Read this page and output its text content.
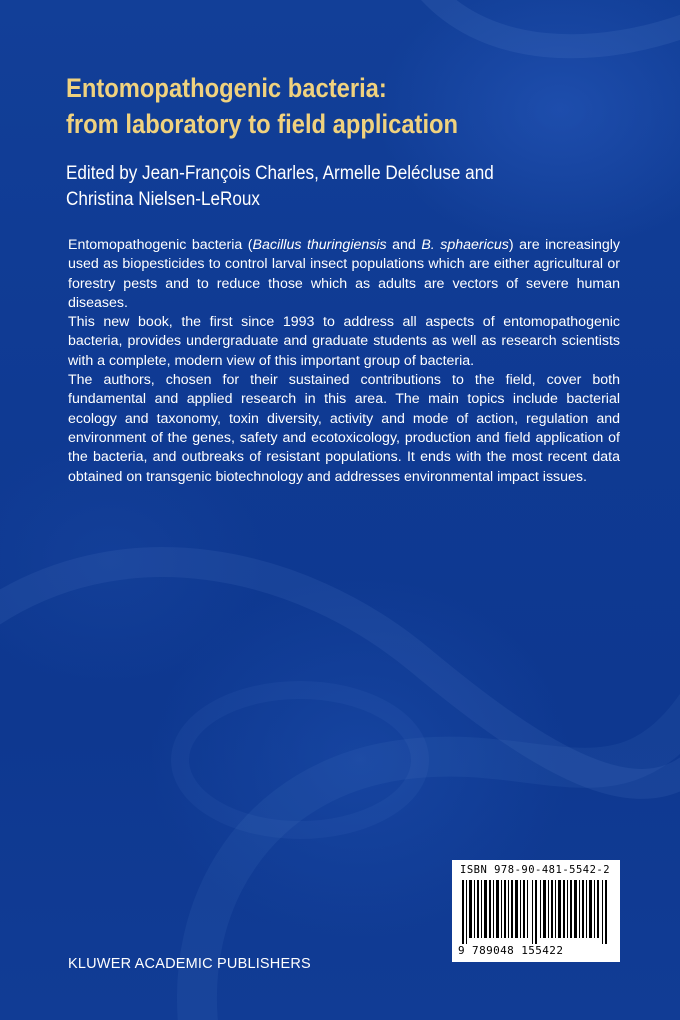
Entomopathogenic bacteria:
from laboratory to field application

Edited by Jean-François Charles, Armelle Delécluse and
Christina Nielsen-LeRoux

Entomopathogenic bacteria (Bacillus thuringiensis and B. sphaericus) are increasingly used as biopesticides to control larval insect populations which are either agricultural or forestry pests and to reduce those which as adults are vectors of severe human diseases.

This new book, the first since 1993 to address all aspects of entomopathogenic bacteria, provides undergraduate and graduate students as well as research scientists with a complete, modern view of this important group of bacteria.

The authors, chosen for their sustained contributions to the field, cover both fundamental and applied research in this area. The main topics include bacterial ecology and taxonomy, toxin diversity, activity and mode of action, regulation and environment of the genes, safety and ecotoxicology, production and field application of the bacteria, and outbreaks of resistant populations. It ends with the most recent data obtained on transgenic biotechnology and addresses environmental impact issues.

ISBN 978-90-481-5542-2
9 789048 155422
KLUWER ACADEMIC PUBLISHERS
